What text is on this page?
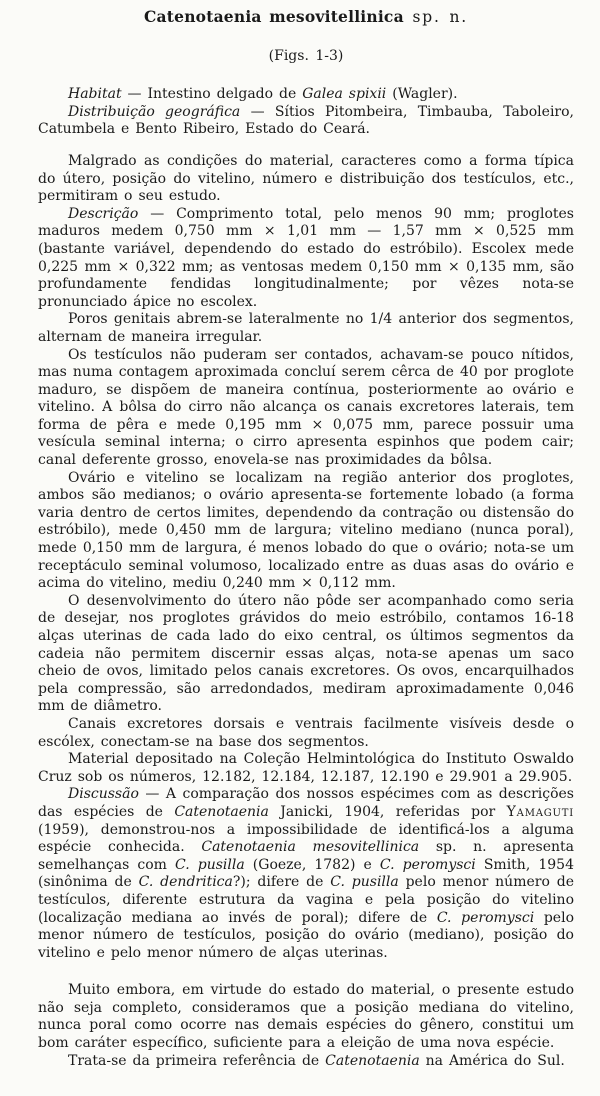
Catenotaenia mesovitellinica sp. n.

(Figs. 1-3)

Habitat — Intestino delgado de Galea spixii (Wagler).

Distribuição geográfica — Sítios Pitombeira, Timbauba, Taboleiro, Catumbela e Bento Ribeiro, Estado do Ceará.

Malgrado as condições do material, caracteres como a forma típica do útero, posição do vitelino, número e distribuição dos testículos, etc., permitiram o seu estudo.

Descrição — Comprimento total, pelo menos 90 mm; proglotes maduros medem 0,750 mm × 1,01 mm — 1,57 mm × 0,525 mm (bastante variável, dependendo do estado do estróbilo). Escolex mede 0,225 mm × 0,322 mm; as ventosas medem 0,150 mm × 0,135 mm, são profundamente fendidas longitudinalmente; por vêzes nota-se pronunciado ápice no escolex.

Poros genitais abrem-se lateralmente no 1/4 anterior dos segmentos, alternam de maneira irregular.

Os testículos não puderam ser contados, achavam-se pouco nítidos, mas numa contagem aproximada concluí serem cêrca de 40 por proglote maduro, se dispõem de maneira contínua, posteriormente ao ovário e vitelino. A bôlsa do cirro não alcança os canais excretores laterais, tem forma de pêra e mede 0,195 mm × 0,075 mm, parece possuir uma vesícula seminal interna; o cirro apresenta espinhos que podem cair; canal deferente grosso, enovela-se nas proximidades da bôlsa.

Ovário e vitelino se localizam na região anterior dos proglotes, ambos são medianos; o ovário apresenta-se fortemente lobado (a forma varia dentro de certos limites, dependendo da contração ou distensão do estróbilo), mede 0,450 mm de largura; vitelino mediano (nunca poral), mede 0,150 mm de largura, é menos lobado do que o ovário; nota-se um receptáculo seminal volumoso, localizado entre as duas asas do ovário e acima do vitelino, mediu 0,240 mm × 0,112 mm.

O desenvolvimento do útero não pôde ser acompanhado como seria de desejar, nos proglotes grávidos do meio estróbilo, contamos 16-18 alças uterinas de cada lado do eixo central, os últimos segmentos da cadeia não permitem discernir essas alças, nota-se apenas um saco cheio de ovos, limitado pelos canais excretores. Os ovos, encarquilhados pela compressão, são arredondados, mediram aproximadamente 0,046 mm de diâmetro.

Canais excretores dorsais e ventrais facilmente visíveis desde o escólex, conectam-se na base dos segmentos.

Material depositado na Coleção Helmintológica do Instituto Oswaldo Cruz sob os números, 12.182, 12.184, 12.187, 12.190 e 29.901 a 29.905.

Discussão — A comparação dos nossos espécimes com as descrições das espécies de Catenotaenia Janicki, 1904, referidas por Yamaguti (1959), demonstrou-nos a impossibilidade de identificá-los a alguma espécie conhecida. Catenotaenia mesovitellinica sp. n. apresenta semelhanças com C. pusilla (Goeze, 1782) e C. peromysci Smith, 1954 (sinônima de C. dendritica?); difere de C. pusilla pelo menor número de testículos, diferente estrutura da vagina e pela posição do vitelino (localização mediana ao invés de poral); difere de C. peromysci pelo menor número de testículos, posição do ovário (mediano), posição do vitelino e pelo menor número de alças uterinas.

Muito embora, em virtude do estado do material, o presente estudo não seja completo, consideramos que a posição mediana do vitelino, nunca poral como ocorre nas demais espécies do gênero, constitui um bom caráter específico, suficiente para a eleição de uma nova espécie.

Trata-se da primeira referência de Catenotaenia na América do Sul.
